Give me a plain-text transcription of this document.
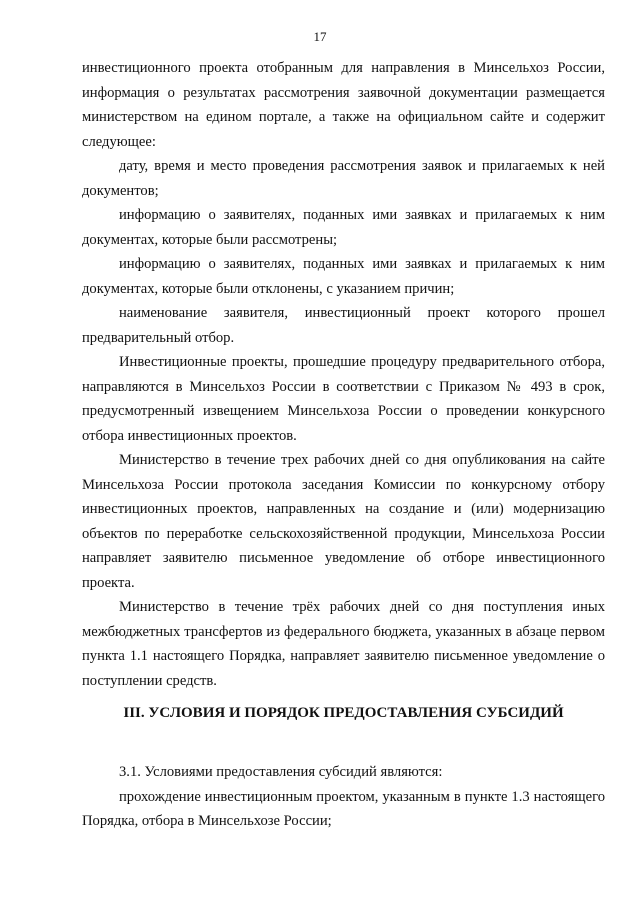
17

инвестиционного проекта отобранным для направления в Минсельхоз России, информация о результатах рассмотрения заявочной документации размещается министерством на едином портале, а также на официальном сайте и содержит следующее:

дату, время и место проведения рассмотрения заявок и прилагаемых к ней документов;

информацию о заявителях, поданных ими заявках и прилагаемых к ним документах, которые были рассмотрены;

информацию о заявителях, поданных ими заявках и прилагаемых к ним документах, которые были отклонены, с указанием причин;

наименование заявителя, инвестиционный проект которого прошел предварительный отбор.

Инвестиционные проекты, прошедшие процедуру предварительного отбора, направляются в Минсельхоз России в соответствии с Приказом № 493 в срок, предусмотренный извещением Минсельхоза России о проведении конкурсного отбора инвестиционных проектов.

Министерство в течение трех рабочих дней со дня опубликования на сайте Минсельхоза России протокола заседания Комиссии по конкурсному отбору инвестиционных проектов, направленных на создание и (или) модернизацию объектов по переработке сельскохозяйственной продукции, Минсельхоза России направляет заявителю письменное уведомление об отборе инвестиционного проекта.

Министерство в течение трёх рабочих дней со дня поступления иных межбюджетных трансфертов из федерального бюджета, указанных в абзаце первом пункта 1.1 настоящего Порядка, направляет заявителю письменное уведомление о поступлении средств.

III. УСЛОВИЯ И ПОРЯДОК ПРЕДОСТАВЛЕНИЯ СУБСИДИЙ

3.1. Условиями предоставления субсидий являются:

прохождение инвестиционным проектом, указанным в пункте 1.3 настоящего Порядка, отбора в Минсельхозе России;
